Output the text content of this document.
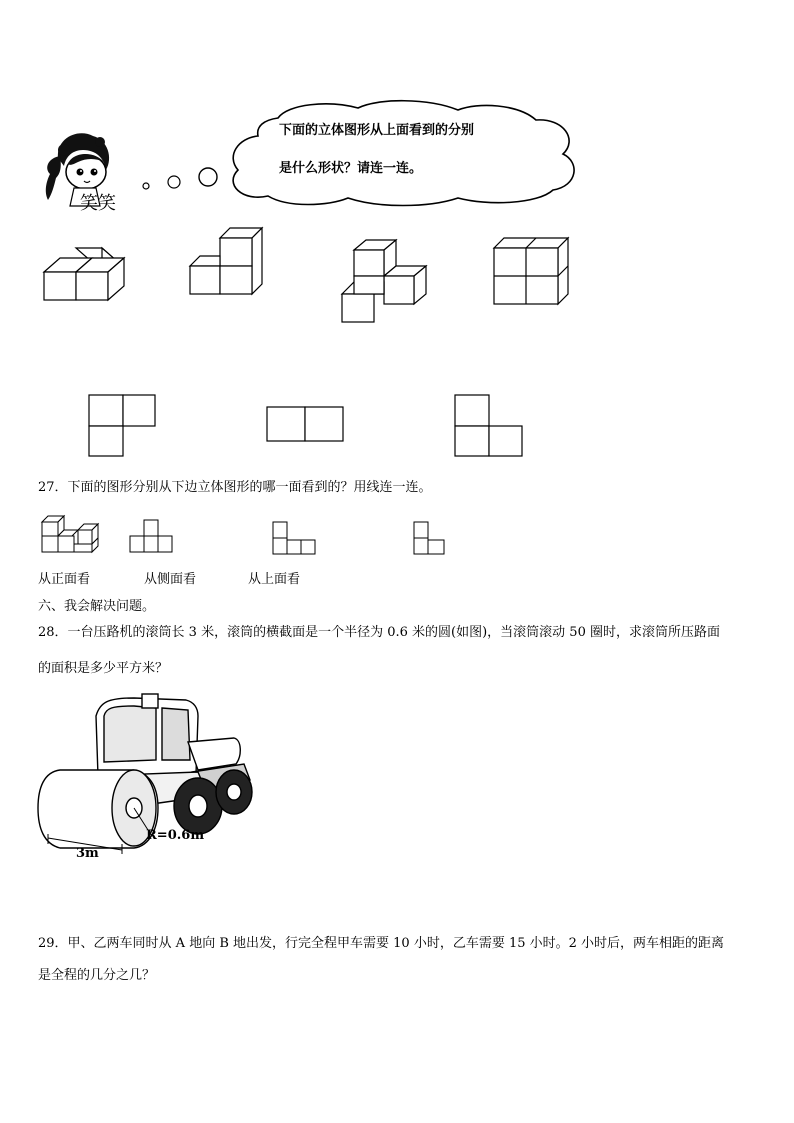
笑笑
下面的立体图形从上面看到的分别
是什么形状？请连一连。
27．下面的图形分别从下边立体图形的哪一面看到的？用线连一连。
从正面看	从侧面看	从上面看
六、我会解决问题。
28．一台压路机的滚筒长 3 米，滚筒的横截面是一个半径为 0.6 米的圆(如图)，当滚筒滚动 50 圈时，求滚筒所压路面
的面积是多少平方米？
R=0.6m
3m
29．甲、乙两车同时从 A 地向 B 地出发，行完全程甲车需要 10 小时，乙车需要 15 小时。2 小时后，两车相距的距离
是全程的几分之几？
